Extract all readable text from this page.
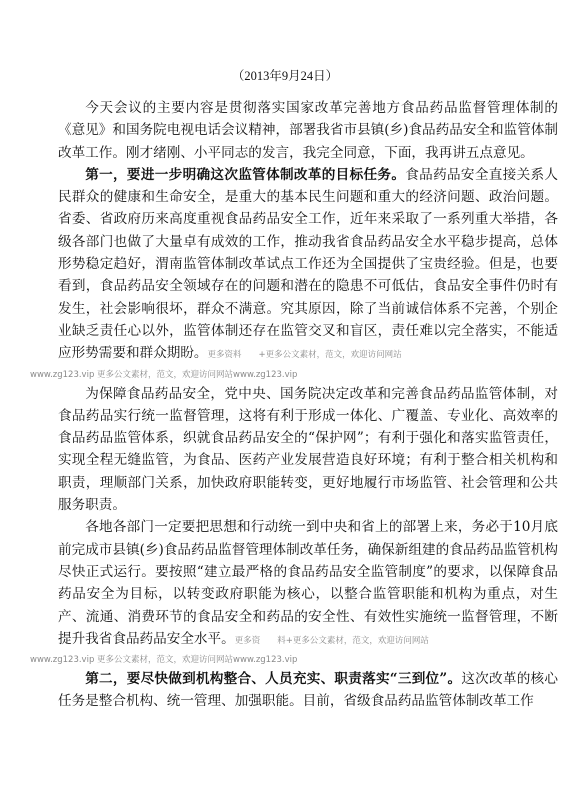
（2013年9月24日）

今天会议的主要内容是贯彻落实国家改革完善地方食品药品监督管理体制的《意见》和国务院电视电话会议精神，部署我省市县镇(乡)食品药品安全和监管体制改革工作。刚才绪刚、小平同志的发言，我完全同意，下面，我再讲五点意见。

第一，要进一步明确这次监管体制改革的目标任务。食品药品安全直接关系人民群众的健康和生命安全，是重大的基本民生问题和重大的经济问题、政治问题。省委、省政府历来高度重视食品药品安全工作，近年来采取了一系列重大举措，各级各部门也做了大量卓有成效的工作，推动我省食品药品安全水平稳步提高，总体形势稳定趋好，渭南监管体制改革试点工作还为全国提供了宝贵经验。但是，也要看到，食品药品安全领域存在的问题和潜在的隐患不可低估，食品安全事件仍时有发生，社会影响很坏，群众不满意。究其原因，除了当前诚信体系不完善，个别企业缺乏责任心以外，监管体制还存在监管交叉和盲区，责任难以完全落实，不能适应形势需要和群众期盼。更多资料　　+更多公文素材，范文，欢迎访问网站
www.zg123.vip 更多公文素材，范文，欢迎访问网站www.zg123.vip

为保障食品药品安全，党中央、国务院决定改革和完善食品药品监管体制，对食品药品实行统一监督管理，这将有利于形成一体化、广覆盖、专业化、高效率的食品药品监管体系，织就食品药品安全的“保护网”；有利于强化和落实监管责任，实现全程无缝监管，为食品、医药产业发展营造良好环境；有利于整合相关机构和职责，理顺部门关系，加快政府职能转变，更好地履行市场监管、社会管理和公共服务职责。

各地各部门一定要把思想和行动统一到中央和省上的部署上来，务必于10月底前完成市县镇(乡)食品药品监督管理体制改革任务，确保新组建的食品药品监管机构尽快正式运行。要按照“建立最严格的食品药品安全监管制度”的要求，以保障食品药品安全为目标，以转变政府职能为核心，以整合监管职能和机构为重点，对生产、流通、消费环节的食品安全和药品的安全性、有效性实施统一监督管理，不断提升我省食品药品安全水平。更多资　　料+更多公文素材，范文，欢迎访问网站
www.zg123.vip 更多公文素材，范文，欢迎访问网站www.zg123.vip

第二，要尽快做到机构整合、人员充实、职责落实“三到位”。这次改革的核心任务是整合机构、统一管理、加强职能。目前，省级食品药品监管体制改革工作
